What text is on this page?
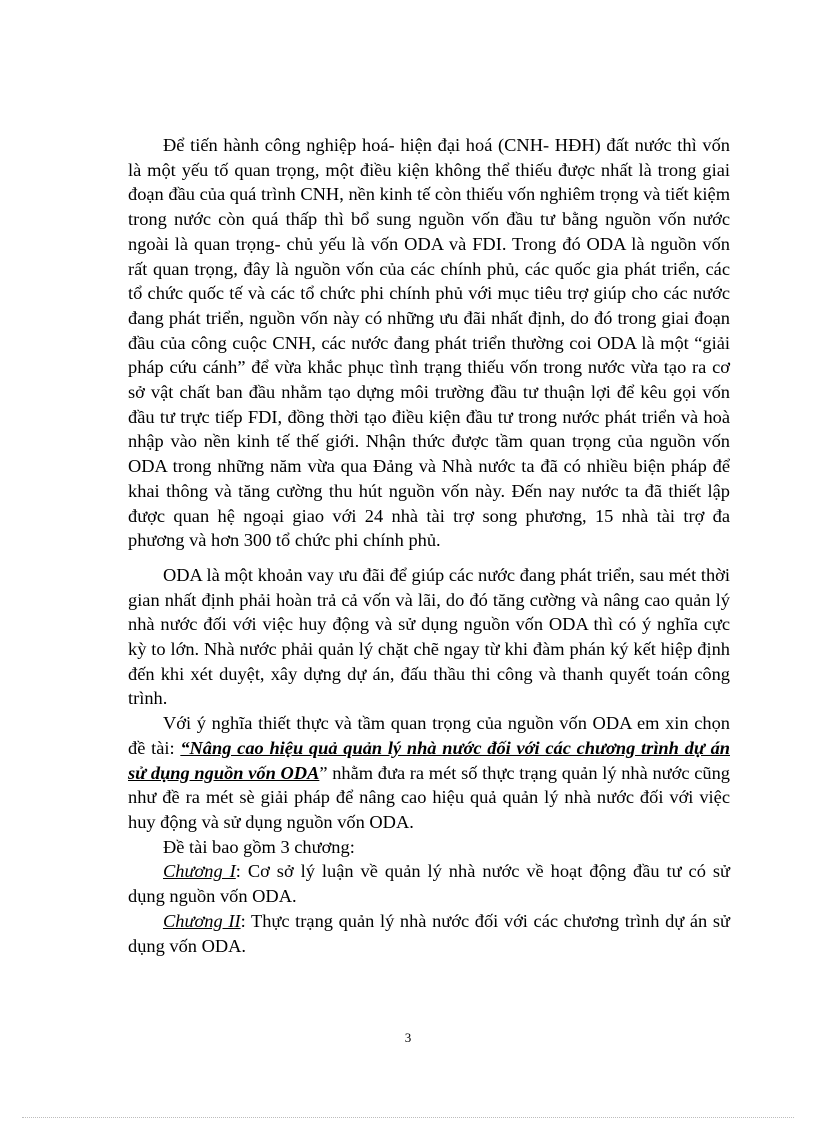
Để tiến hành công nghiệp hoá- hiện đại hoá (CNH- HĐH) đất nước thì vốn là một yếu tố quan trọng, một điều kiện không thể thiếu được nhất là trong giai đoạn đầu của quá trình CNH, nền kinh tế còn thiếu vốn nghiêm trọng và tiết kiệm trong nước còn quá thấp thì bổ sung nguồn vốn đầu tư bằng nguồn vốn nước ngoài là quan trọng- chủ yếu là vốn ODA và FDI. Trong đó ODA là nguồn vốn rất quan trọng, đây là nguồn vốn của các chính phủ, các quốc gia phát triển, các tổ chức quốc tế và các tổ chức phi chính phủ với mục tiêu trợ giúp cho các nước đang phát triển, nguồn vốn này có những ưu đãi nhất định, do đó trong giai đoạn đầu của công cuộc CNH, các nước đang phát triển thường coi ODA là một “giải pháp cứu cánh” để vừa khắc phục tình trạng thiếu vốn trong nước vừa tạo ra cơ sở vật chất ban đầu nhằm tạo dựng môi trường đầu tư thuận lợi để kêu gọi vốn đầu tư trực tiếp FDI, đồng thời tạo điều kiện đầu tư trong nước phát triển và hoà nhập vào nền kinh tế thế giới. Nhận thức được tầm quan trọng của nguồn vốn ODA trong những năm vừa qua Đảng và Nhà nước ta đã có nhiều biện pháp để khai thông và tăng cường thu hút nguồn vốn này. Đến nay nước ta đã thiết lập được quan hệ ngoại giao với 24 nhà tài trợ song phương, 15 nhà tài trợ đa phương và hơn 300 tổ chức phi chính phủ.

ODA là một khoản vay ưu đãi để giúp các nước đang phát triển, sau mét thời gian nhất định phải hoàn trả cả vốn và lãi, do đó tăng cường và nâng cao quản lý nhà nước đối với việc huy động và sử dụng nguồn vốn ODA thì có ý nghĩa cực kỳ to lớn. Nhà nước phải quản lý chặt chẽ ngay từ khi đàm phán ký kết hiệp định đến khi xét duyệt, xây dựng dự án, đấu thầu thi công và thanh quyết toán công trình.

Với ý nghĩa thiết thực và tầm quan trọng của nguồn vốn ODA em xin chọn đề tài: “Nâng cao hiệu quả quản lý nhà nước đối với các chương trình dự án sử dụng nguồn vốn ODA” nhằm đưa ra mét số thực trạng quản lý nhà nước cũng như đề ra mét sè giải pháp để nâng cao hiệu quả quản lý nhà nước đối với việc huy động và sử dụng nguồn vốn ODA.

Đề tài bao gồm 3 chương:

Chương I: Cơ sở lý luận về quản lý nhà nước về hoạt động đầu tư có sử dụng nguồn vốn ODA.

Chương II: Thực trạng quản lý nhà nước đối với các chương trình dự án sử dụng vốn ODA.

3
